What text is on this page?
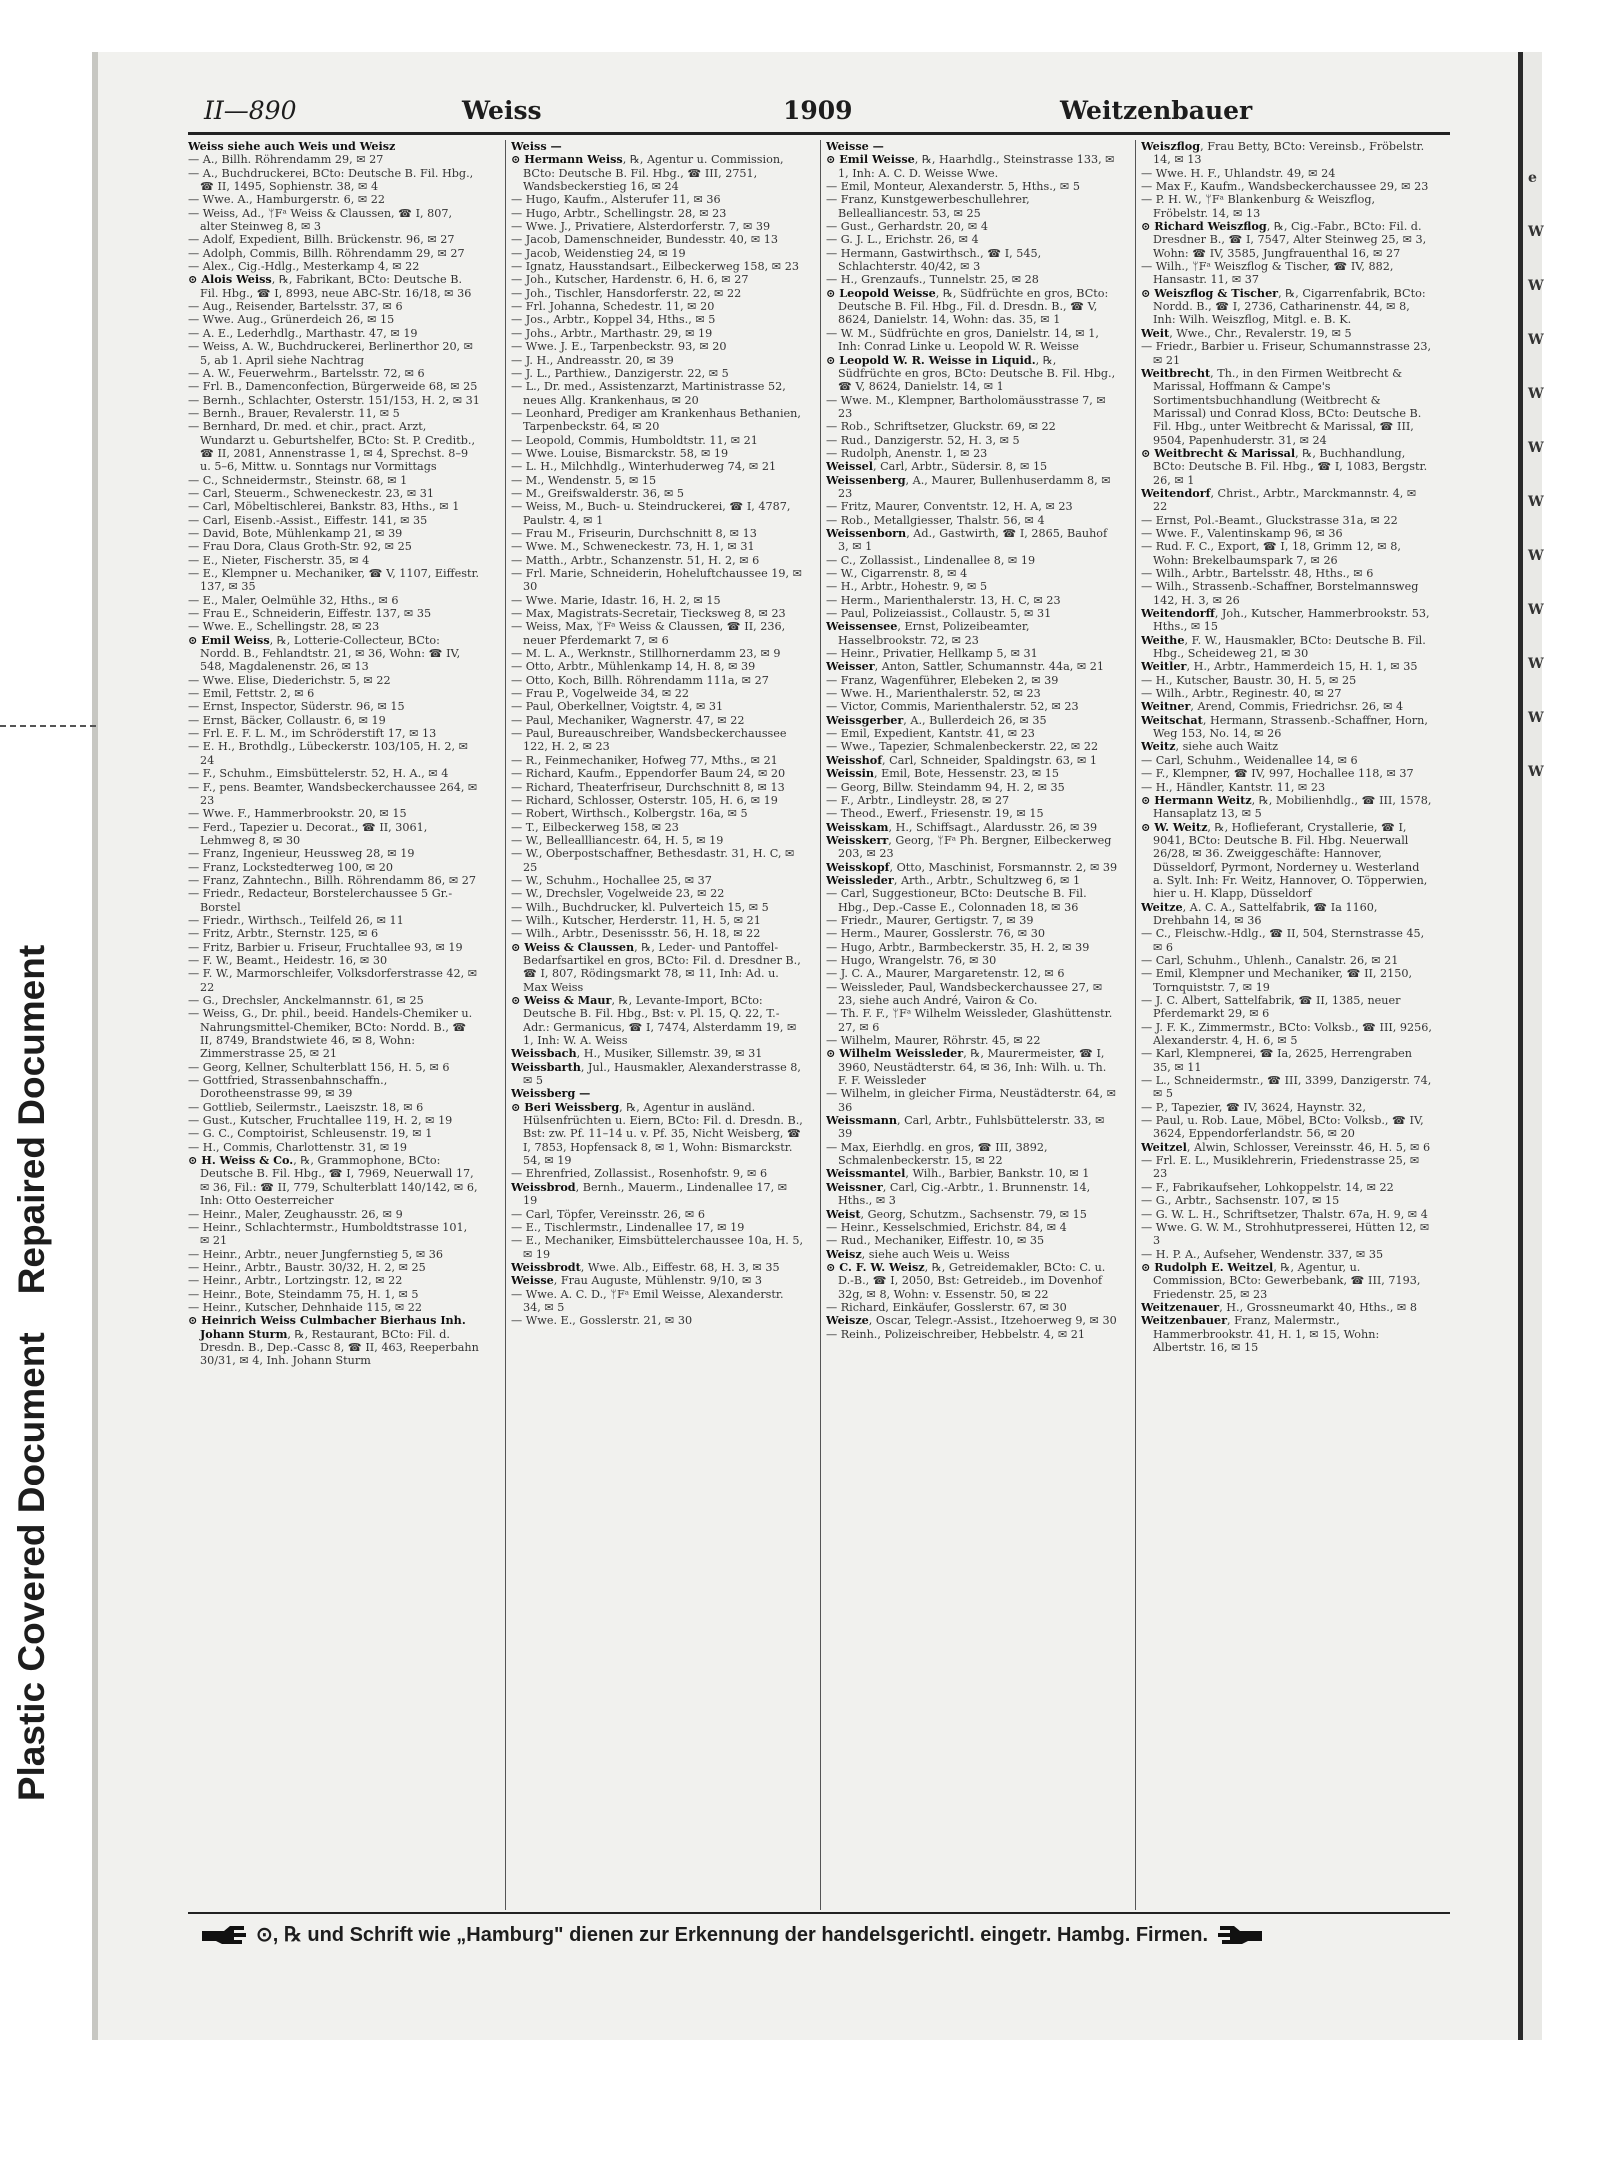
Plastic Covered Document
Repaired Document
II—890	Weiss	1909	Weitzenbauer

Weiss siehe auch Weis und Weisz

— A., Billh. Röhrendamm 29, ✉ 27

— A., Buchdruckerei, BCto: Deutsche B. Fil. Hbg., ☎ II, 1495, Sophienstr. 38, ✉ 4

— Wwe. A., Hamburgerstr. 6, ✉ 22

— Weiss, Ad., ᛘFᵃ Weiss & Claussen, ☎ I, 807, alter Steinweg 8, ✉ 3

— Adolf, Expedient, Billh. Brückenstr. 96, ✉ 27

— Adolph, Commis, Billh. Röhrendamm 29, ✉ 27

— Alex., Cig.-Hdlg., Mesterkamp 4, ✉ 22

⊙ Alois Weiss, ℞, Fabrikant, BCto: Deutsche B. Fil. Hbg., ☎ I, 8993, neue ABC-Str. 16/18, ✉ 36

— Aug., Reisender, Bartelsstr. 37, ✉ 6

— Wwe. Aug., Grünerdeich 26, ✉ 15

— A. E., Lederhdlg., Marthastr. 47, ✉ 19

— Weiss, A. W., Buchdruckerei, Berlinerthor 20, ✉ 5, ab 1. April siehe Nachtrag

— A. W., Feuerwehrm., Bartelsstr. 72, ✉ 6

— Frl. B., Damenconfection, Bürgerweide 68, ✉ 25

— Bernh., Schlachter, Osterstr. 151/153, H. 2, ✉ 31

— Bernh., Brauer, Revalerstr. 11, ✉ 5

— Bernhard, Dr. med. et chir., pract. Arzt, Wundarzt u. Geburtshelfer, BCto: St. P. Creditb., ☎ II, 2081, Annenstrasse 1, ✉ 4, Sprechst. 8–9 u. 5–6, Mittw. u. Sonntags nur Vormittags

— C., Schneidermstr., Steinstr. 68, ✉ 1

— Carl, Steuerm., Schweneckestr. 23, ✉ 31

— Carl, Möbeltischlerei, Bankstr. 83, Hths., ✉ 1

— Carl, Eisenb.-Assist., Eiffestr. 141, ✉ 35

— David, Bote, Mühlenkamp 21, ✉ 39

— Frau Dora, Claus Groth-Str. 92, ✉ 25

— E., Nieter, Fischerstr. 35, ✉ 4

— E., Klempner u. Mechaniker, ☎ V, 1107, Eiffestr. 137, ✉ 35

— E., Maler, Oelmühle 32, Hths., ✉ 6

— Frau E., Schneiderin, Eiffestr. 137, ✉ 35

— Wwe. E., Schellingstr. 28, ✉ 23

⊙ Emil Weiss, ℞, Lotterie-Collecteur, BCto: Nordd. B., Fehlandtstr. 21, ✉ 36, Wohn: ☎ IV, 548, Magdalenenstr. 26, ✉ 13

— Wwe. Elise, Diederichstr. 5, ✉ 22

— Emil, Fettstr. 2, ✉ 6

— Ernst, Inspector, Süderstr. 96, ✉ 15

— Ernst, Bäcker, Collaustr. 6, ✉ 19

— Frl. E. F. L. M., im Schröderstift 17, ✉ 13

— E. H., Brothdlg., Lübeckerstr. 103/105, H. 2, ✉ 24

— F., Schuhm., Eimsbüttelerstr. 52, H. A., ✉ 4

— F., pens. Beamter, Wandsbeckerchaussee 264, ✉ 23

— Wwe. F., Hammerbrookstr. 20, ✉ 15

— Ferd., Tapezier u. Decorat., ☎ II, 3061, Lehmweg 8, ✉ 30

— Franz, Ingenieur, Heussweg 28, ✉ 19

— Franz, Lockstedterweg 100, ✉ 20

— Franz, Zahntechn., Billh. Röhrendamm 86, ✉ 27

— Friedr., Redacteur, Borstelerchaussee 5 Gr.-Borstel

— Friedr., Wirthsch., Teilfeld 26, ✉ 11

— Fritz, Arbtr., Sternstr. 125, ✉ 6

— Fritz, Barbier u. Friseur, Fruchtallee 93, ✉ 19

— F. W., Beamt., Heidestr. 16, ✉ 30

— F. W., Marmorschleifer, Volksdorferstrasse 42, ✉ 22

— G., Drechsler, Anckelmannstr. 61, ✉ 25

— Weiss, G., Dr. phil., beeid. Handels-Chemiker u. Nahrungsmittel-Chemiker, BCto: Nordd. B., ☎ II, 8749, Brandstwiete 46, ✉ 8, Wohn: Zimmerstrasse 25, ✉ 21

— Georg, Kellner, Schulterblatt 156, H. 5, ✉ 6

— Gottfried, Strassenbahnschaffn., Dorotheenstrasse 99, ✉ 39

— Gottlieb, Seilermstr., Laeiszstr. 18, ✉ 6

— Gust., Kutscher, Fruchtallee 119, H. 2, ✉ 19

— G. C., Comptoirist, Schleusenstr. 19, ✉ 1

— H., Commis, Charlottenstr. 31, ✉ 19

⊙ H. Weiss & Co., ℞, Grammophone, BCto: Deutsche B. Fil. Hbg., ☎ I, 7969, Neuerwall 17, ✉ 36, Fil.: ☎ II, 779, Schulterblatt 140/142, ✉ 6, Inh: Otto Oesterreicher

— Heinr., Maler, Zeughausstr. 26, ✉ 9

— Heinr., Schlachtermstr., Humboldtstrasse 101, ✉ 21

— Heinr., Arbtr., neuer Jungfernstieg 5, ✉ 36

— Heinr., Arbtr., Baustr. 30/32, H. 2, ✉ 25

— Heinr., Arbtr., Lortzingstr. 12, ✉ 22

— Heinr., Bote, Steindamm 75, H. 1, ✉ 5

— Heinr., Kutscher, Dehnhaide 115, ✉ 22

⊙ Heinrich Weiss Culmbacher Bierhaus Inh. Johann Sturm, ℞, Restaurant, BCto: Fil. d. Dresdn. B., Dep.-Cassc 8, ☎ II, 463, Reeperbahn 30/31, ✉ 4, Inh. Johann Sturm

Weiss —

⊙ Hermann Weiss, ℞, Agentur u. Commission, BCto: Deutsche B. Fil. Hbg., ☎ III, 2751, Wandsbeckerstieg 16, ✉ 24

— Hugo, Kaufm., Alsterufer 11, ✉ 36

— Hugo, Arbtr., Schellingstr. 28, ✉ 23

— Wwe. J., Privatiere, Alsterdorferstr. 7, ✉ 39

— Jacob, Damenschneider, Bundesstr. 40, ✉ 13

— Jacob, Weidenstieg 24, ✉ 19

— Ignatz, Hausstandsart., Eilbeckerweg 158, ✉ 23

— Joh., Kutscher, Hardenstr. 6, H. 6, ✉ 27

— Joh., Tischler, Hansdorferstr. 22, ✉ 22

— Frl. Johanna, Schedestr. 11, ✉ 20

— Jos., Arbtr., Koppel 34, Hths., ✉ 5

— Johs., Arbtr., Marthastr. 29, ✉ 19

— Wwe. J. E., Tarpenbeckstr. 93, ✉ 20

— J. H., Andreasstr. 20, ✉ 39

— J. L., Parthiew., Danzigerstr. 22, ✉ 5

— L., Dr. med., Assistenzarzt, Martinistrasse 52, neues Allg. Krankenhaus, ✉ 20

— Leonhard, Prediger am Krankenhaus Bethanien, Tarpenbeckstr. 64, ✉ 20

— Leopold, Commis, Humboldtstr. 11, ✉ 21

— Wwe. Louise, Bismarckstr. 58, ✉ 19

— L. H., Milchhdlg., Winterhuderweg 74, ✉ 21

— M., Wendenstr. 5, ✉ 15

— M., Greifswalderstr. 36, ✉ 5

— Weiss, M., Buch- u. Steindruckerei, ☎ I, 4787, Paulstr. 4, ✉ 1

— Frau M., Friseurin, Durchschnitt 8, ✉ 13

— Wwe. M., Schweneckestr. 73, H. 1, ✉ 31

— Matth., Arbtr., Schanzenstr. 51, H. 2, ✉ 6

— Frl. Marie, Schneiderin, Hoheluftchaussee 19, ✉ 30

— Wwe. Marie, Idastr. 16, H. 2, ✉ 15

— Max, Magistrats-Secretair, Tiecksweg 8, ✉ 23

— Weiss, Max, ᛘFᵃ Weiss & Claussen, ☎ II, 236, neuer Pferdemarkt 7, ✉ 6

— M. L. A., Werknstr., Stillhornerdamm 23, ✉ 9

— Otto, Arbtr., Mühlenkamp 14, H. 8, ✉ 39

— Otto, Koch, Billh. Röhrendamm 111a, ✉ 27

— Frau P., Vogelweide 34, ✉ 22

— Paul, Oberkellner, Voigtstr. 4, ✉ 31

— Paul, Mechaniker, Wagnerstr. 47, ✉ 22

— Paul, Bureauschreiber, Wandsbeckerchaussee 122, H. 2, ✉ 23

— R., Feinmechaniker, Hofweg 77, Mths., ✉ 21

— Richard, Kaufm., Eppendorfer Baum 24, ✉ 20

— Richard, Theaterfriseur, Durchschnitt 8, ✉ 13

— Richard, Schlosser, Osterstr. 105, H. 6, ✉ 19

— Robert, Wirthsch., Kolbergstr. 16a, ✉ 5

— T., Eilbeckerweg 158, ✉ 23

— W., Belleallliancestr. 64, H. 5, ✉ 19

— W., Oberpostschaffner, Bethesdastr. 31, H. C, ✉ 25

— W., Schuhm., Hochallee 25, ✉ 37

— W., Drechsler, Vogelweide 23, ✉ 22

— Wilh., Buchdrucker, kl. Pulverteich 15, ✉ 5

— Wilh., Kutscher, Herderstr. 11, H. 5, ✉ 21

— Wilh., Arbtr., Desenissstr. 56, H. 18, ✉ 22

⊙ Weiss & Claussen, ℞, Leder- und Pantoffel-Bedarfsartikel en gros, BCto: Fil. d. Dresdner B., ☎ I, 807, Rödingsmarkt 78, ✉ 11, Inh: Ad. u. Max Weiss

⊙ Weiss & Maur, ℞, Levante-Import, BCto: Deutsche B. Fil. Hbg., Bst: v. Pl. 15, Q. 22, T.-Adr.: Germanicus, ☎ I, 7474, Alsterdamm 19, ✉ 1, Inh: W. A. Weiss

Weissbach, H., Musiker, Sillemstr. 39, ✉ 31

Weissbarth, Jul., Hausmakler, Alexanderstrasse 8, ✉ 5

Weissberg —

⊙ Beri Weissberg, ℞, Agentur in ausländ. Hülsenfrüchten u. Eiern, BCto: Fil. d. Dresdn. B., Bst: zw. Pf. 11–14 u. v. Pf. 35, Nicht Weisberg, ☎ I, 7853, Hopfensack 8, ✉ 1, Wohn: Bismarckstr. 54, ✉ 19

— Ehrenfried, Zollassist., Rosenhofstr. 9, ✉ 6

Weissbrod, Bernh., Mauerm., Lindenallee 17, ✉ 19

— Carl, Töpfer, Vereinsstr. 26, ✉ 6

— E., Tischlermstr., Lindenallee 17, ✉ 19

— E., Mechaniker, Eimsbüttelerchaussee 10a, H. 5, ✉ 19

Weissbrodt, Wwe. Alb., Eiffestr. 68, H. 3, ✉ 35

Weisse, Frau Auguste, Mühlenstr. 9/10, ✉ 3

— Wwe. A. C. D., ᛘFᵃ Emil Weisse, Alexanderstr. 34, ✉ 5

— Wwe. E., Gosslerstr. 21, ✉ 30

Weisse —

⊙ Emil Weisse, ℞, Haarhdlg., Steinstrasse 133, ✉ 1, Inh: A. C. D. Weisse Wwe.

— Emil, Monteur, Alexanderstr. 5, Hths., ✉ 5

— Franz, Kunstgewerbeschullehrer, Bellealliancestr. 53, ✉ 25

— Gust., Gerhardstr. 20, ✉ 4

— G. J. L., Erichstr. 26, ✉ 4

— Hermann, Gastwirthsch., ☎ I, 545, Schlachterstr. 40/42, ✉ 3

— H., Grenzaufs., Tunnelstr. 25, ✉ 28

⊙ Leopold Weisse, ℞, Südfrüchte en gros, BCto: Deutsche B. Fil. Hbg., Fil. d. Dresdn. B., ☎ V, 8624, Danielstr. 14, Wohn: das. 35, ✉ 1

— W. M., Südfrüchte en gros, Danielstr. 14, ✉ 1, Inh: Conrad Linke u. Leopold W. R. Weisse

⊙ Leopold W. R. Weisse in Liquid., ℞, Südfrüchte en gros, BCto: Deutsche B. Fil. Hbg., ☎ V, 8624, Danielstr. 14, ✉ 1

— Wwe. M., Klempner, Bartholomäusstrasse 7, ✉ 23

— Rob., Schriftsetzer, Gluckstr. 69, ✉ 22

— Rud., Danzigerstr. 52, H. 3, ✉ 5

— Rudolph, Anenstr. 1, ✉ 23

Weissel, Carl, Arbtr., Südersir. 8, ✉ 15

Weissenberg, A., Maurer, Bullenhuserdamm 8, ✉ 23

— Fritz, Maurer, Conventstr. 12, H. A, ✉ 23

— Rob., Metallgiesser, Thalstr. 56, ✉ 4

Weissenborn, Ad., Gastwirth, ☎ I, 2865, Bauhof 3, ✉ 1

— C., Zollassist., Lindenallee 8, ✉ 19

— W., Cigarrenstr. 8, ✉ 4

— H., Arbtr., Hohestr. 9, ✉ 5

— Herm., Marienthalerstr. 13, H. C, ✉ 23

— Paul, Polizeiassist., Collaustr. 5, ✉ 31

Weissensee, Ernst, Polizeibeamter, Hasselbrookstr. 72, ✉ 23

— Heinr., Privatier, Hellkamp 5, ✉ 31

Weisser, Anton, Sattler, Schumannstr. 44a, ✉ 21

— Franz, Wagenführer, Elebeken 2, ✉ 39

— Wwe. H., Marienthalerstr. 52, ✉ 23

— Victor, Commis, Marienthalerstr. 52, ✉ 23

Weissgerber, A., Bullerdeich 26, ✉ 35

— Emil, Expedient, Kantstr. 41, ✉ 23

— Wwe., Tapezier, Schmalenbeckerstr. 22, ✉ 22

Weisshof, Carl, Schneider, Spaldingstr. 63, ✉ 1

Weissin, Emil, Bote, Hessenstr. 23, ✉ 15

— Georg, Billw. Steindamm 94, H. 2, ✉ 35

— F., Arbtr., Lindleystr. 28, ✉ 27

— Theod., Ewerf., Friesenstr. 19, ✉ 15

Weisskam, H., Schiffsagt., Alardusstr. 26, ✉ 39

Weisskerr, Georg, ᛘFᵃ Ph. Bergner, Eilbeckerweg 203, ✉ 23

Weisskopf, Otto, Maschinist, Forsmannstr. 2, ✉ 39

Weissleder, Arth., Arbtr., Schultzweg 6, ✉ 1

— Carl, Suggestioneur, BCto: Deutsche B. Fil. Hbg., Dep.-Casse E., Colonnaden 18, ✉ 36

— Friedr., Maurer, Gertigstr. 7, ✉ 39

— Herm., Maurer, Gosslerstr. 76, ✉ 30

— Hugo, Arbtr., Barmbeckerstr. 35, H. 2, ✉ 39

— Hugo, Wrangelstr. 76, ✉ 30

— J. C. A., Maurer, Margaretenstr. 12, ✉ 6

— Weissleder, Paul, Wandsbeckerchaussee 27, ✉ 23, siehe auch André, Vairon & Co.

— Th. F. F., ᛘFᵃ Wilhelm Weissleder, Glashüttenstr. 27, ✉ 6

— Wilhelm, Maurer, Röhrstr. 45, ✉ 22

⊙ Wilhelm Weissleder, ℞, Maurermeister, ☎ I, 3960, Neustädterstr. 64, ✉ 36, Inh: Wilh. u. Th. F. F. Weissleder

— Wilhelm, in gleicher Firma, Neustädterstr. 64, ✉ 36

Weissmann, Carl, Arbtr., Fuhlsbüttelerstr. 33, ✉ 39

— Max, Eierhdlg. en gros, ☎ III, 3892, Schmalenbeckerstr. 15, ✉ 22

Weissmantel, Wilh., Barbier, Bankstr. 10, ✉ 1

Weissner, Carl, Cig.-Arbtr., 1. Brunnenstr. 14, Hths., ✉ 3

Weist, Georg, Schutzm., Sachsenstr. 79, ✉ 15

— Heinr., Kesselschmied, Erichstr. 84, ✉ 4

— Rud., Mechaniker, Eiffestr. 10, ✉ 35

Weisz, siehe auch Weis u. Weiss

⊙ C. F. W. Weisz, ℞, Getreidemakler, BCto: C. u. D.-B., ☎ I, 2050, Bst: Getreideb., im Dovenhof 32g, ✉ 8, Wohn: v. Essenstr. 50, ✉ 22

— Richard, Einkäufer, Gosslerstr. 67, ✉ 30

Weisze, Oscar, Telegr.-Assist., Itzehoerweg 9, ✉ 30

— Reinh., Polizeischreiber, Hebbelstr. 4, ✉ 21

Weiszflog, Frau Betty, BCto: Vereinsb., Fröbelstr. 14, ✉ 13

— Wwe. H. F., Uhlandstr. 49, ✉ 24

— Max F., Kaufm., Wandsbeckerchaussee 29, ✉ 23

— P. H. W., ᛘFᵃ Blankenburg & Weiszflog, Fröbelstr. 14, ✉ 13

⊙ Richard Weiszflog, ℞, Cig.-Fabr., BCto: Fil. d. Dresdner B., ☎ I, 7547, Alter Steinweg 25, ✉ 3, Wohn: ☎ IV, 3585, Jungfrauenthal 16, ✉ 27

— Wilh., ᛘFᵃ Weiszflog & Tischer, ☎ IV, 882, Hansastr. 11, ✉ 37

⊙ Weiszflog & Tischer, ℞, Cigarrenfabrik, BCto: Nordd. B., ☎ I, 2736, Catharinenstr. 44, ✉ 8, Inh: Wilh. Weiszflog, Mitgl. e. B. K.

Weit, Wwe., Chr., Revalerstr. 19, ✉ 5

— Friedr., Barbier u. Friseur, Schumannstrasse 23, ✉ 21

Weitbrecht, Th., in den Firmen Weitbrecht & Marissal, Hoffmann & Campe's Sortimentsbuchhandlung (Weitbrecht & Marissal) und Conrad Kloss, BCto: Deutsche B. Fil. Hbg., unter Weitbrecht & Marissal, ☎ III, 9504, Papenhuderstr. 31, ✉ 24

⊙ Weitbrecht & Marissal, ℞, Buchhandlung, BCto: Deutsche B. Fil. Hbg., ☎ I, 1083, Bergstr. 26, ✉ 1

Weitendorf, Christ., Arbtr., Marckmannstr. 4, ✉ 22

— Ernst, Pol.-Beamt., Gluckstrasse 31a, ✉ 22

— Wwe. F., Valentinskamp 96, ✉ 36

— Rud. F. C., Export, ☎ I, 18, Grimm 12, ✉ 8, Wohn: Brekelbaumspark 7, ✉ 26

— Wilh., Arbtr., Bartelsstr. 48, Hths., ✉ 6

— Wilh., Strassenb.-Schaffner, Borstelmannsweg 142, H. 3, ✉ 26

Weitendorff, Joh., Kutscher, Hammerbrookstr. 53, Hths., ✉ 15

Weithe, F. W., Hausmakler, BCto: Deutsche B. Fil. Hbg., Scheideweg 21, ✉ 30

Weitler, H., Arbtr., Hammerdeich 15, H. 1, ✉ 35

— H., Kutscher, Baustr. 30, H. 5, ✉ 25

— Wilh., Arbtr., Reginestr. 40, ✉ 27

Weitner, Arend, Commis, Friedrichsr. 26, ✉ 4

Weitschat, Hermann, Strassenb.-Schaffner, Horn, Weg 153, No. 14, ✉ 26

Weitz, siehe auch Waitz

— Carl, Schuhm., Weidenallee 14, ✉ 6

— F., Klempner, ☎ IV, 997, Hochallee 118, ✉ 37

— H., Händler, Kantstr. 11, ✉ 23

⊙ Hermann Weitz, ℞, Mobilienhdlg., ☎ III, 1578, Hansaplatz 13, ✉ 5

⊙ W. Weitz, ℞, Hoflieferant, Crystallerie, ☎ I, 9041, BCto: Deutsche B. Fil. Hbg. Neuerwall 26/28, ✉ 36. Zweiggeschäfte: Hannover, Düsseldorf, Pyrmont, Norderney u. Westerland a. Sylt. Inh: Fr. Weitz, Hannover, O. Töpperwien, hier u. H. Klapp, Düsseldorf

Weitze, A. C. A., Sattelfabrik, ☎ Ia 1160, Drehbahn 14, ✉ 36

— C., Fleischw.-Hdlg., ☎ II, 504, Sternstrasse 45, ✉ 6

— Carl, Schuhm., Uhlenh., Canalstr. 26, ✉ 21

— Emil, Klempner und Mechaniker, ☎ II, 2150, Tornquiststr. 7, ✉ 19

— J. C. Albert, Sattelfabrik, ☎ II, 1385, neuer Pferdemarkt 29, ✉ 6

— J. F. K., Zimmermstr., BCto: Volksb., ☎ III, 9256, Alexanderstr. 4, H. 6, ✉ 5

— Karl, Klempnerei, ☎ Ia, 2625, Herrengraben 35, ✉ 11

— L., Schneidermstr., ☎ III, 3399, Danzigerstr. 74, ✉ 5

— P., Tapezier, ☎ IV, 3624, Haynstr. 32,

— Paul, u. Rob. Laue, Möbel, BCto: Volksb., ☎ IV, 3624, Eppendorferlandstr. 56, ✉ 20

Weitzel, Alwin, Schlosser, Vereinsstr. 46, H. 5, ✉ 6

— Frl. E. L., Musiklehrerin, Friedenstrasse 25, ✉ 23

— F., Fabrikaufseher, Lohkoppelstr. 14, ✉ 22

— G., Arbtr., Sachsenstr. 107, ✉ 15

— G. W. L. H., Schriftsetzer, Thalstr. 67a, H. 9, ✉ 4

— Wwe. G. W. M., Strohhutpresserei, Hütten 12, ✉ 3

— H. P. A., Aufseher, Wendenstr. 337, ✉ 35

⊙ Rudolph E. Weitzel, ℞, Agentur, u. Commission, BCto: Gewerbebank, ☎ III, 7193, Friedenstr. 25, ✉ 23

Weitzenauer, H., Grossneumarkt 40, Hths., ✉ 8

Weitzenbauer, Franz, Malermstr., Hammerbrookstr. 41, H. 1, ✉ 15, Wohn: Albertstr. 16, ✉ 15

⊙, ℞ und Schrift wie „Hamburg" dienen zur Erkennung der handelsgerichtl. eingetr. Hambg. Firmen.
e
W
W
W
W
W
W
W
W
W
W
W
